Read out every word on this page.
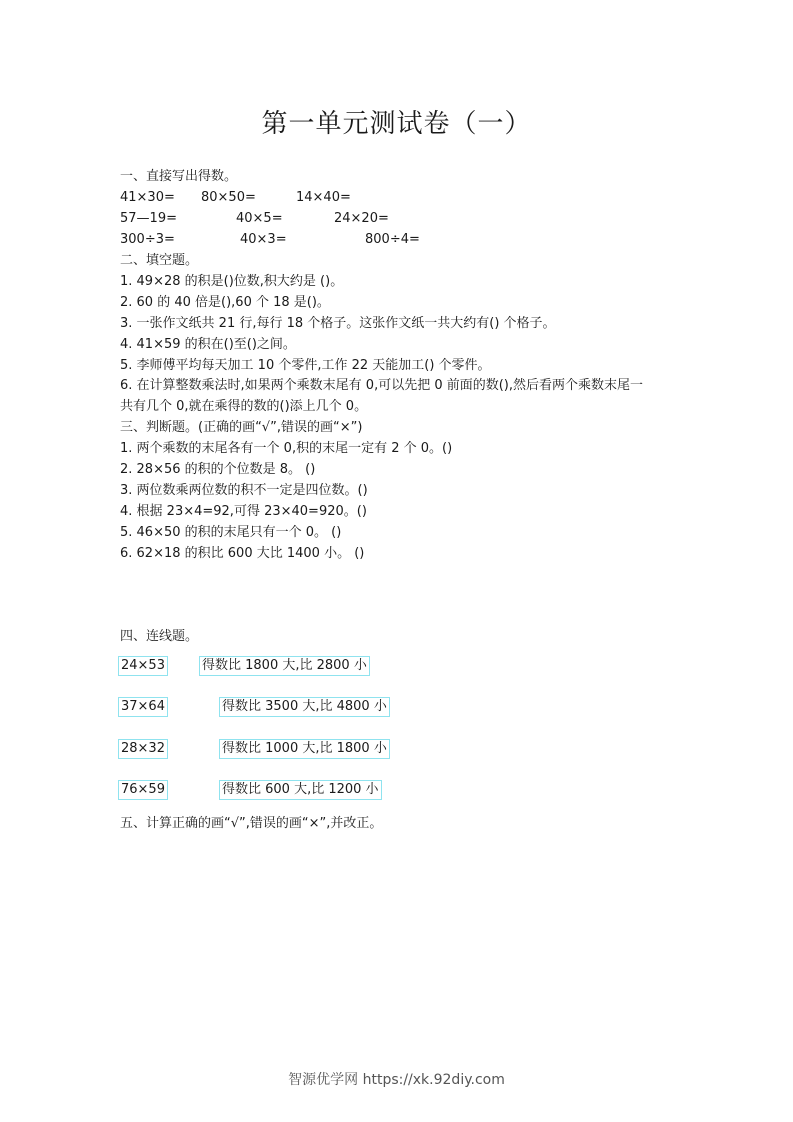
第一单元测试卷（一）
一、直接写出得数。
41×30= 80×50=	14×40=
57—19=	40×5=	24×20=
300÷3=	40×3=	800÷4=
二、填空题。
1. 49×28 的积是()位数,积大约是 ()。
2. 60 的 40 倍是(),60 个 18 是()。
3. 一张作文纸共 21 行,每行 18 个格子。这张作文纸一共大约有() 个格子。
4. 41×59 的积在()至()之间。
5. 李师傅平均每天加工 10 个零件,工作 22 天能加工() 个零件。
6. 在计算整数乘法时,如果两个乘数末尾有 0,可以先把 0 前面的数(),然后看两个乘数末尾一
共有几个 0,就在乘得的数的()添上几个 0。
三、判断题。(正确的画“√”,错误的画“×”)
1. 两个乘数的末尾各有一个 0,积的末尾一定有 2 个 0。()
2. 28×56 的积的个位数是 8。 ()
3. 两位数乘两位数的积不一定是四位数。()
4. 根据 23×4=92,可得 23×40=920。()
5. 46×50 的积的末尾只有一个 0。 ()
6. 62×18 的积比 600 大比 1400 小。 ()
四、连线题。
24×53	得数比 1800 大,比 2800 小
37×64	得数比 3500 大,比 4800 小
28×32	得数比 1000 大,比 1800 小
76×59	得数比 600 大,比 1200 小
五、计算正确的画“√”,错误的画“×”,并改正。
智源优学网 https://xk.92diy.com
